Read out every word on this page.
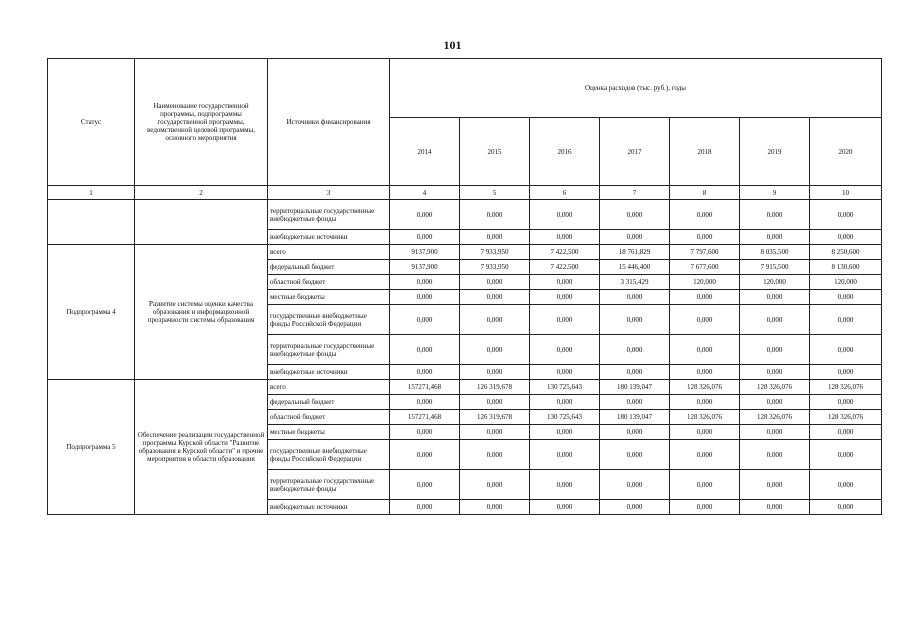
101
Статус	Наименование государственной программы, подпрограммы государственной программы, ведомственной целевой программы, основного мероприятия	Источники финансирования	Оценка расходов (тыс. руб.), годы						
			2014	2015	2016	2017	2018	2019	2020
1	2	3	4	5	6	7	8	9	10
		территориальные государственные внебюджетные фонды	0,000	0,000	0,000	0,000	0,000	0,000	0,000
		внебюджетные источники	0,000	0,000	0,000	0,000	0,000	0,000	0,000
Подпрограмма 4	Развитие системы оценки качества образования и информационной прозрачности системы образования	всего	9137,900	7 933,950	7 422,500	18 761,829	7 797,600	8 035,500	8 250,600
		федеральный бюджет	9137,900	7 933,950	7 422,500	15 446,400	7 677,600	7 915,500	8 130,600
		областной бюджет	0,000	0,000	0,000	3 315,429	120,000	120,000	120,000
		местные бюджеты	0,000	0,000	0,000	0,000	0,000	0,000	0,000
		государственные внебюджетные фонды Российской Федерации	0,000	0,000	0,000	0,000	0,000	0,000	0,000
		территориальные государственные внебюджетные фонды	0,000	0,000	0,000	0,000	0,000	0,000	0,000
		внебюджетные источники	0,000	0,000	0,000	0,000	0,000	0,000	0,000
Подпрограмма 5	Обеспечение реализации государственной программы Курской области "Развитие образования в Курской области" и прочие мероприятия в области образования	всего	157271,468	126 319,678	130 725,643	180 139,047	128 326,076	128 326,076	128 326,076
		федеральный бюджет	0,000	0,000	0,000	0,000	0,000	0,000	0,000
		областной бюджет	157271,468	126 319,678	130 725,643	180 139,047	128 326,076	128 326,076	128 326,076
		местные бюджеты	0,000	0,000	0,000	0,000	0,000	0,000	0,000
		государственные внебюджетные фонды Российской Федерации	0,000	0,000	0,000	0,000	0,000	0,000	0,000
		территориальные государственные внебюджетные фонды	0,000	0,000	0,000	0,000	0,000	0,000	0,000
		внебюджетные источники	0,000	0,000	0,000	0,000	0,000	0,000	0,000
